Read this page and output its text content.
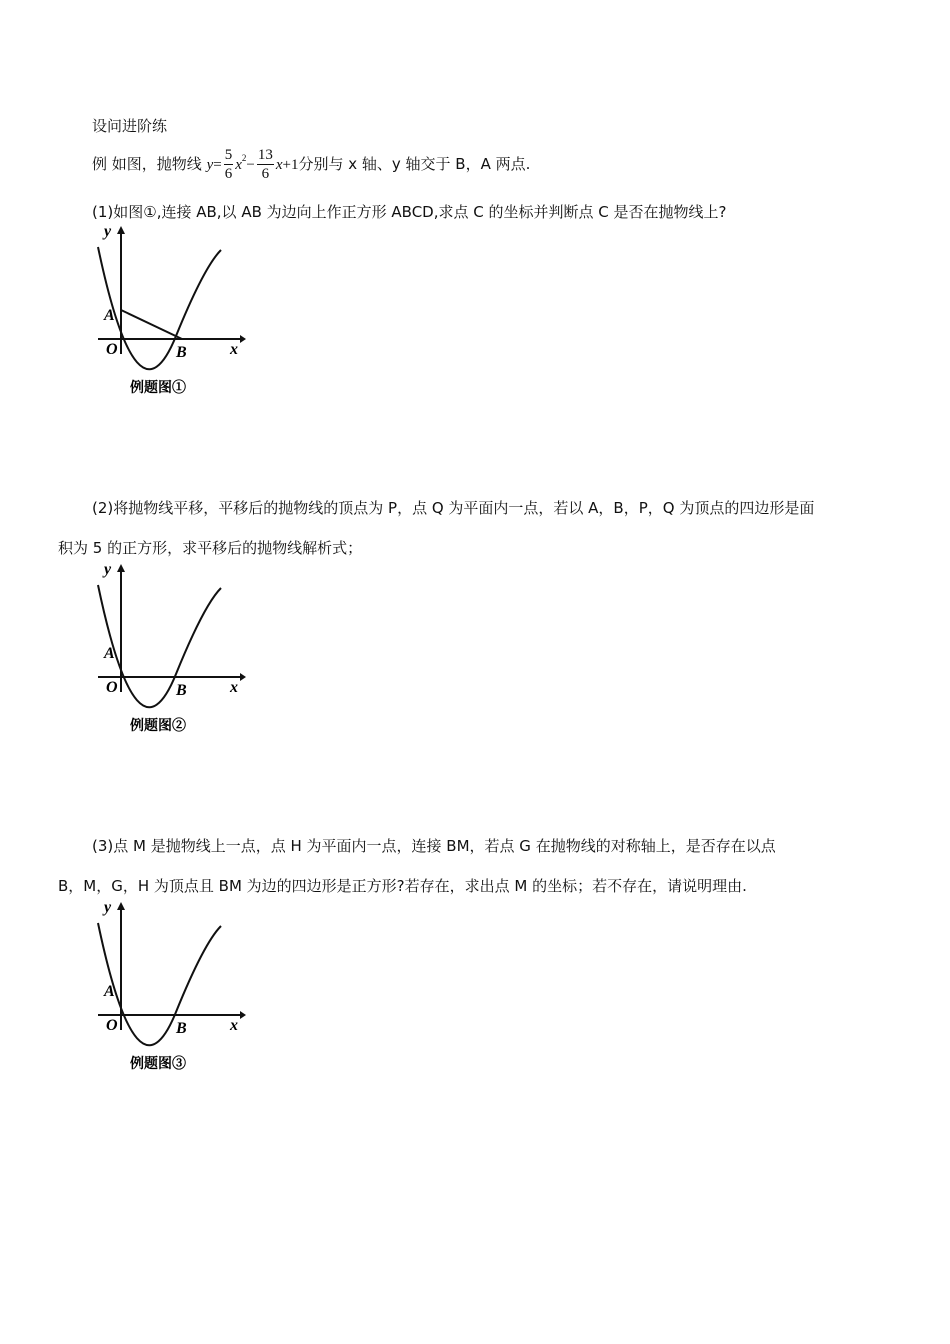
设问进阶练
例 如图，抛物线 $y= \frac{5}{6} x^2- \frac{13}{6} x+1$分别与 x 轴、y 轴交于 B，A 两点.
(1)如图①,连接 AB,以 AB 为边向上作正方形 ABCD,求点 C 的坐标并判断点 C 是否在抛物线上?
y
x
A
O	B
例题图①
(2)将抛物线平移，平移后的抛物线的顶点为 P，点 Q 为平面内一点，若以 A，B，P，Q 为顶点的四边形是面
积为 5 的正方形，求平移后的抛物线解析式；
y
x
A
O	B
例题图②
(3)点 M 是抛物线上一点，点 H 为平面内一点，连接 BM，若点 G 在抛物线的对称轴上，是否存在以点
B，M，G，H 为顶点且 BM 为边的四边形是正方形?若存在，求出点 M 的坐标；若不存在，请说明理由.
y
x
A
O	B
例题图③
